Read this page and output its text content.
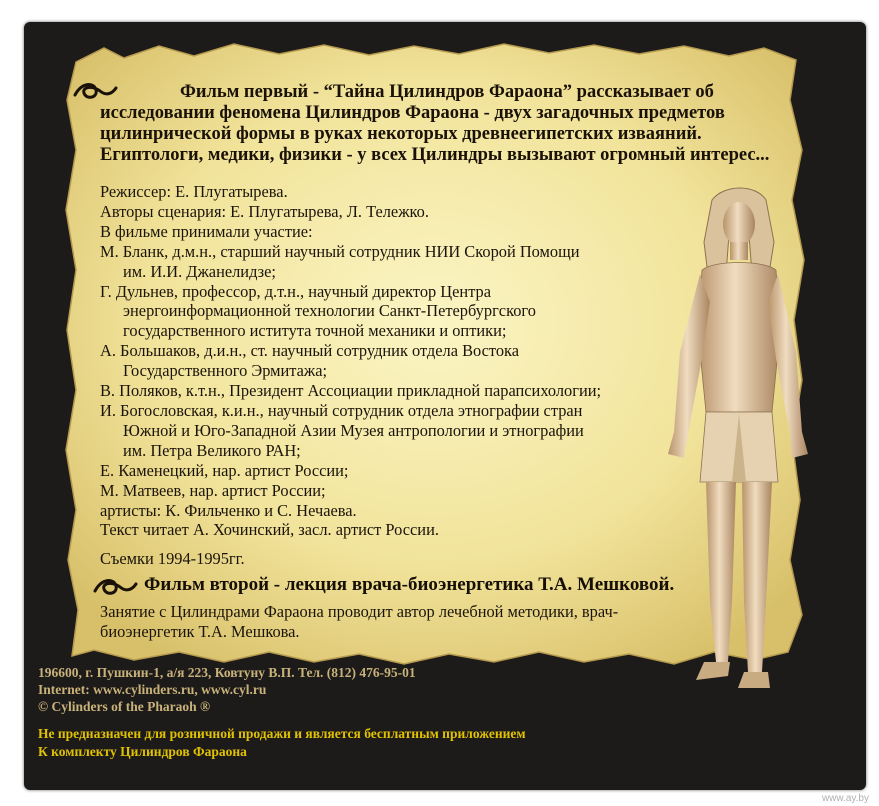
Фильм первый - “Тайна Цилиндров Фараона” рассказывает об
исследовании феномена Цилиндров Фараона - двух загадочных предметов
цилинрической формы в руках некоторых древнеегипетских изваяний.
Египтологи, медики, физики - у всех Цилиндры вызывают огромный интерес...
Режиссер: Е. Плугатырева.
Авторы сценария: Е. Плугатырева, Л. Тележко.
В фильме принимали участие:
М. Бланк, д.м.н., старший научный сотрудник НИИ Скорой Помощи
им. И.И. Джанелидзе;
Г. Дульнев, профессор, д.т.н., научный директор Центра
энергоинформационной технологии Санкт-Петербургского
государственного иститута точной механики и оптики;
А. Большаков, д.и.н., ст. научный сотрудник отдела Востока
Государственного Эрмитажа;
В. Поляков, к.т.н., Президент Ассоциации прикладной парапсихологии;
И. Богословская, к.и.н., научный сотрудник отдела этнографии стран
Южной и Юго-Западной Азии Музея антропологии и этнографии
им. Петра Великого РАН;
Е. Каменецкий, нар. артист России;
М. Матвеев, нар. артист России;
артисты: К. Фильченко и С. Нечаева.
Текст читает А. Хочинский, засл. артист России.
Съемки 1994-1995гг.
Фильм второй - лекция врача-биоэнергетика Т.А. Мешковой.
Занятие с Цилиндрами Фараона проводит автор лечебной методики, врач-
биоэнергетик Т.А. Мешкова.
196600, г. Пушкин-1, а/я 223, Ковтуну В.П. Тел. (812) 476-95-01
Internet: www.cylinders.ru, www.cyl.ru
© Cylinders of the Pharaoh ®
Не предназначен для розничной продажи и является бесплатным приложением
К комплекту Цилиндров Фараона
www.ay.by
